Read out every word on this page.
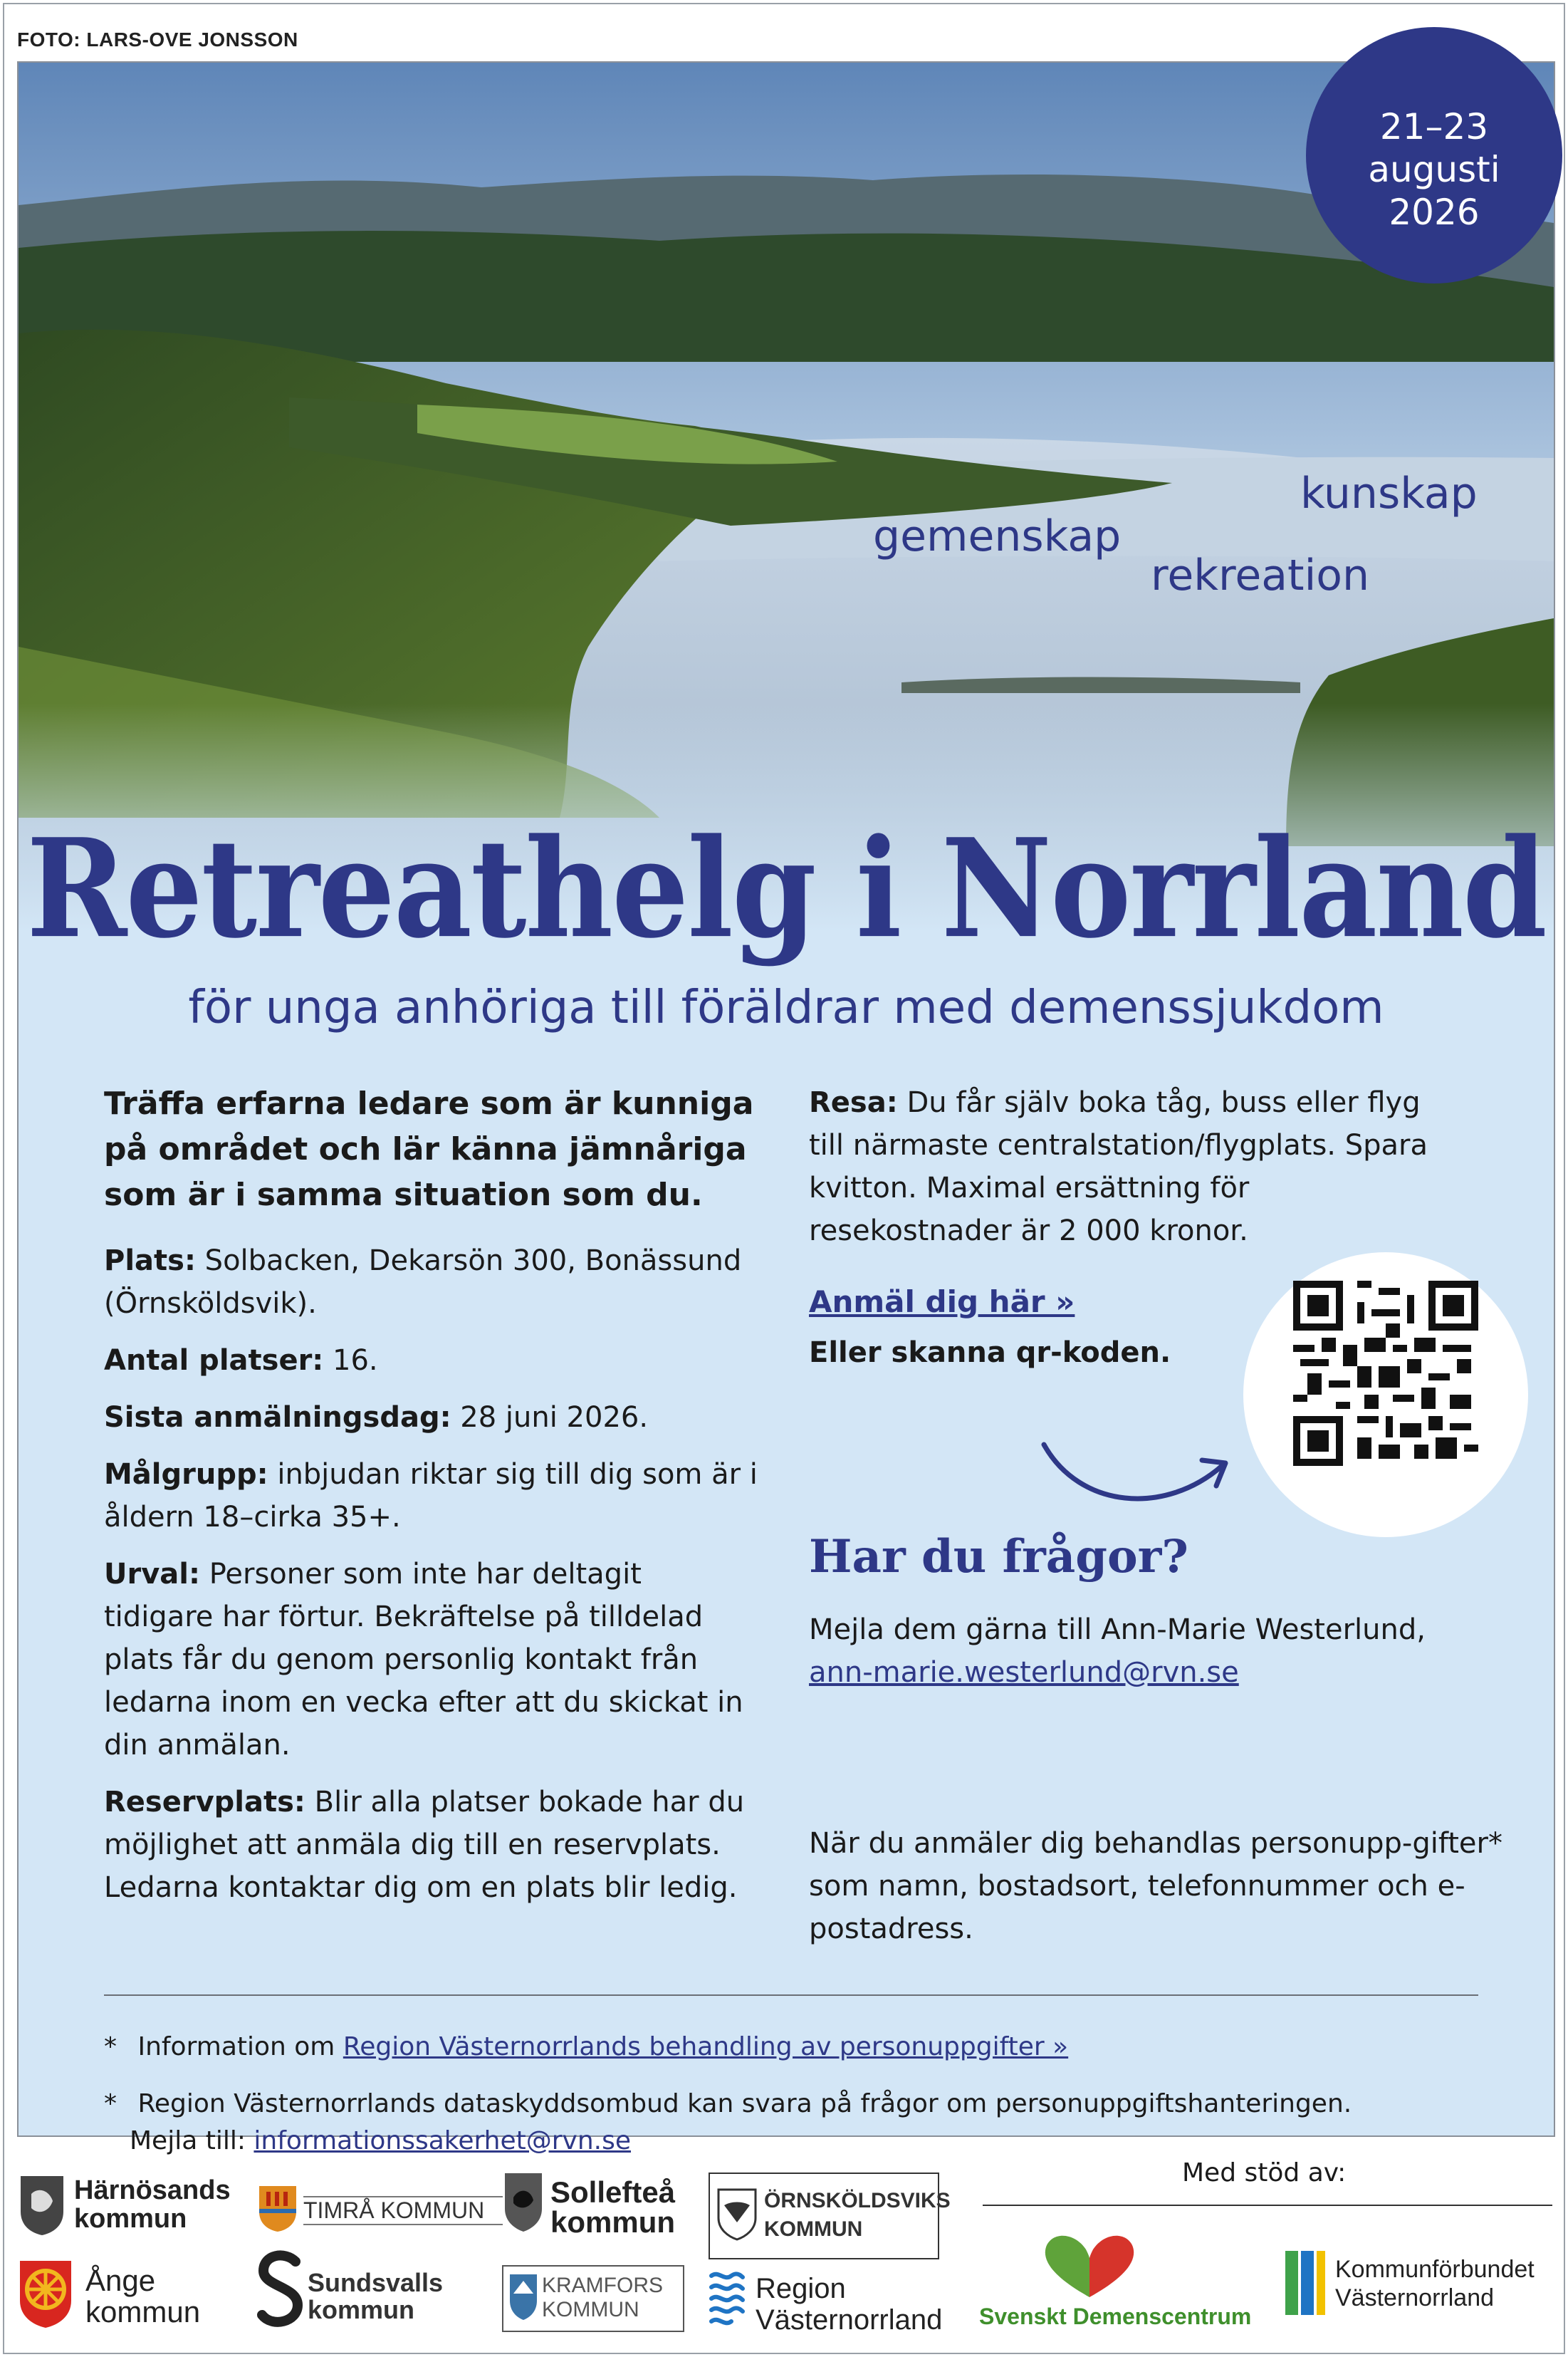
FOTO: LARS-OVE JONSSON
21–23
augusti
2026
kunskap
gemenskap
rekreation
Retreathelg i Norrland
för unga anhöriga till föräldrar med demenssjukdom
Träffa erfarna ledare som är kunniga på området och lär känna jämnåriga som är i samma situation som du.
Plats: Solbacken, Dekarsön 300, Bonässund (Örnsköldsvik).
Antal platser: 16.
Sista anmälningsdag: 28 juni 2026.
Målgrupp: inbjudan riktar sig till dig som är i åldern 18–cirka 35+.
Urval: Personer som inte har deltagit tidigare har förtur. Bekräftelse på tilldelad plats får du genom personlig kontakt från ledarna inom en vecka efter att du skickat in din anmälan.
Reservplats: Blir alla platser bokade har du möjlighet att anmäla dig till en reservplats. Ledarna kontaktar dig om en plats blir ledig.
Resa: Du får själv boka tåg, buss eller flyg till närmaste centralstation/flygplats. Spara kvitton. Maximal ersättning för resekostnader är 2 000 kronor.
Anmäl dig här »
Eller skanna qr-koden.
Har du frågor?
Mejla dem gärna till Ann-Marie Westerlund,
ann-marie.westerlund@rvn.se
När du anmäler dig behandlas personupp-gifter* som namn, bostadsort, telefonnummer och e-postadress.
* Information om Region Västernorrlands behandling av personuppgifter »
* Region Västernorrlands dataskyddsombud kan svara på frågor om personuppgiftshanteringen.
Mejla till: informationssakerhet@rvn.se
Härnösands kommun	TIMRÅ KOMMUN
Sollefteå kommun
ÖRNSKÖLDSVIKS KOMMUN
Ånge kommun
Sundsvalls kommun
KRAMFORS KOMMUN
Region Västernorrland
Med stöd av:
Svenskt Demenscentrum
Kommunförbundet Västernorrland
